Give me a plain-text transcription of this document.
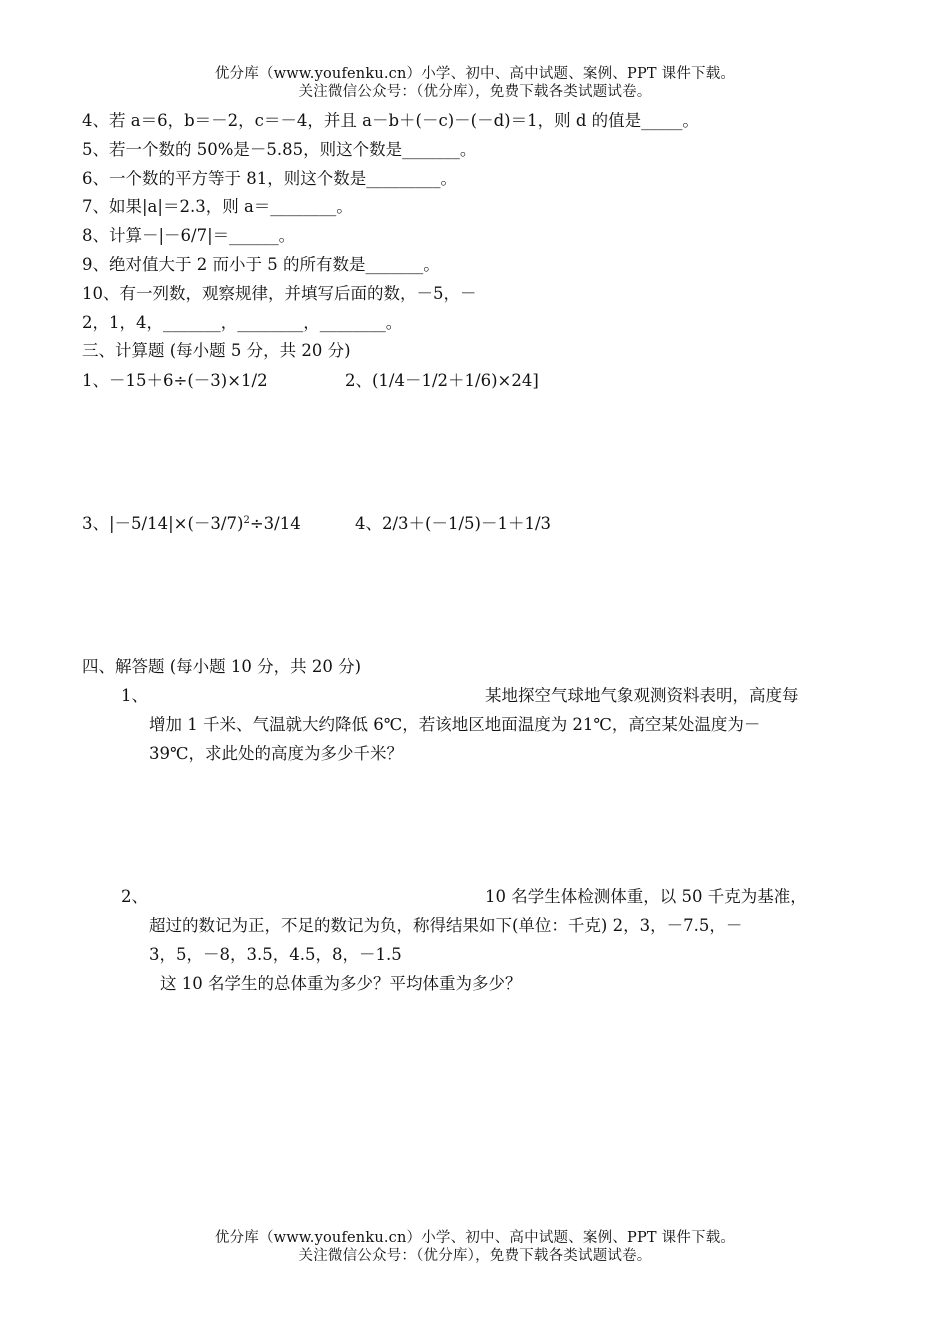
优分库（www.youfenku.cn）小学、初中、高中试题、案例、PPT 课件下载。
关注微信公众号：（优分库），免费下载各类试题试卷。
4、若 a＝6，b＝－2，c＝－4，并且 a－b＋(－c)－(－d)＝1，则 d 的值是_____。
5、若一个数的 50%是－5.85，则这个数是_______。
6、一个数的平方等于 81，则这个数是_________。
7、如果|a|＝2.3，则 a＝________。
8、计算－|－6/7|＝______。
9、绝对值大于 2 而小于 5 的所有数是_______。
10、有一列数，观察规律，并填写后面的数，－5，－
2，1，4，_______，________，________。
三、计算题 (每小题 5 分，共 20 分)
1、－15＋6÷(－3)×1/2	2、(1/4－1/2＋1/6)×24]
3、$|-5/14|\times(-3/7)^2\div 3/14$	4、2/3＋(－1/5)－1＋1/3
四、解答题 (每小题 10 分，共 20 分)
1、	某地探空气球地气象观测资料表明，高度每
增加 1 千米、气温就大约降低 6℃，若该地区地面温度为 21℃，高空某处温度为－
39℃，求此处的高度为多少千米？
2、	10 名学生体检测体重，以 50 千克为基准，
超过的数记为正，不足的数记为负，称得结果如下(单位：千克) 2，3，－7.5，－
3，5，－8，3.5，4.5，8，－1.5
这 10 名学生的总体重为多少？平均体重为多少？
优分库（www.youfenku.cn）小学、初中、高中试题、案例、PPT 课件下载。
关注微信公众号：（优分库），免费下载各类试题试卷。
